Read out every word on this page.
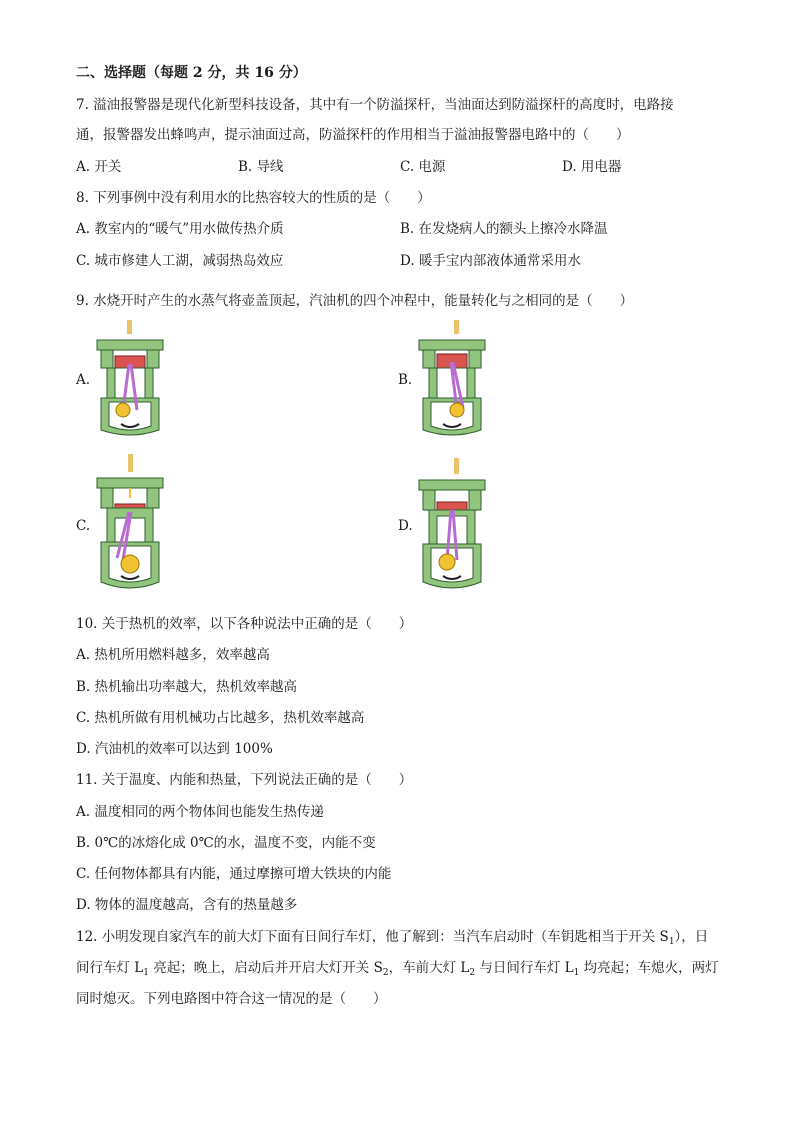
二、选择题（每题 2 分，共 16 分）
7. 溢油报警器是现代化新型科技设备，其中有一个防溢探杆，当油面达到防溢探杆的高度时，电路接
通，报警器发出蜂鸣声，提示油面过高，防溢探杆的作用相当于溢油报警器电路中的（　　）
A. 开关	B. 导线	C. 电源	D. 用电器
8. 下列事例中没有利用水的比热容较大的性质的是（　　）
A. 教室内的“暖气”用水做传热介质	B. 在发烧病人的额头上擦冷水降温
C. 城市修建人工湖，减弱热岛效应	D. 暖手宝内部液体通常采用水
9. 水烧开时产生的水蒸气将壶盖顶起，汽油机的四个冲程中，能量转化与之相同的是（　　）
A.	B.
C.	D.
10. 关于热机的效率，以下各种说法中正确的是（　　）
A. 热机所用燃料越多，效率越高
B. 热机输出功率越大，热机效率越高
C. 热机所做有用机械功占比越多，热机效率越高
D. 汽油机的效率可以达到 100%
11. 关于温度、内能和热量，下列说法正确的是（　　）
A. 温度相同的两个物体间也能发生热传递
B. 0℃的冰熔化成 0℃的水，温度不变，内能不变
C. 任何物体都具有内能，通过摩擦可增大铁块的内能
D. 物体的温度越高，含有的热量越多
12. 小明发现自家汽车的前大灯下面有日间行车灯，他了解到：当汽车启动时（车钥匙相当于开关 $S_1$），日
间行车灯 $L_1$ 亮起；晚上，启动后并开启大灯开关 $S_2$，车前大灯 $L_2$ 与日间行车灯 $L_1$ 均亮起；车熄火，两灯
同时熄灭。下列电路图中符合这一情况的是（　　）
